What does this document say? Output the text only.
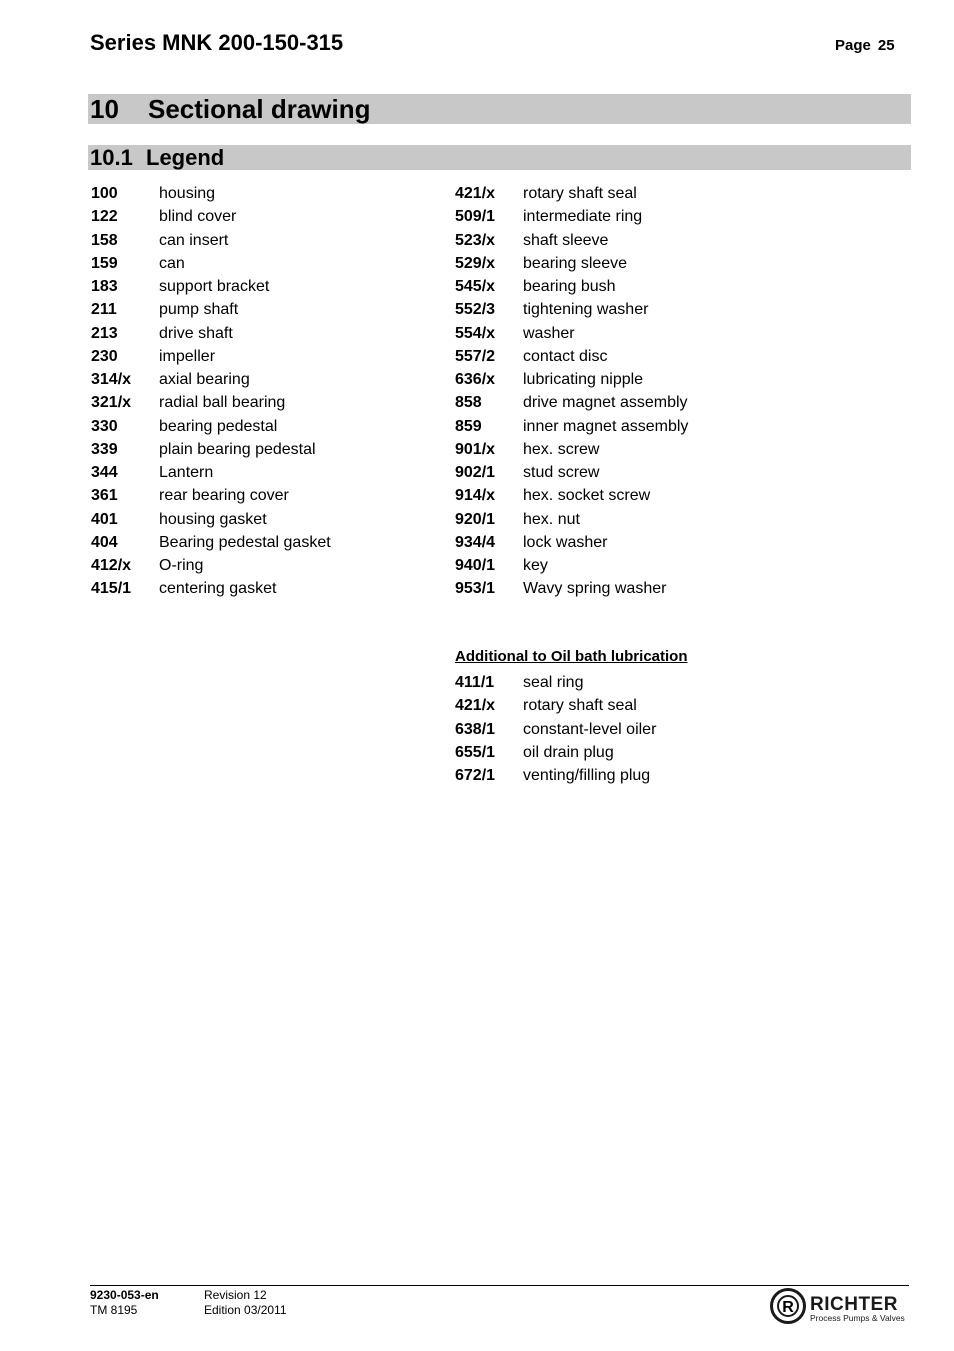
Series MNK 200-150-315	Page 25
10 Sectional drawing
10.1 Legend
100	housing
122	blind cover
158	can insert
159	can
183	support bracket
211	pump shaft
213	drive shaft
230	impeller
314/x axial bearing
321/x radial ball bearing
330	bearing pedestal
339	plain bearing pedestal
344	Lantern
361	rear bearing cover
401	housing gasket
404	Bearing pedestal gasket
412/x O-ring
415/1 centering gasket
421/x rotary shaft seal
509/1 intermediate ring
523/x shaft sleeve
529/x bearing sleeve
545/x bearing bush
552/3 tightening washer
554/x washer
557/2 contact disc
636/x lubricating nipple
858	drive magnet assembly
859	inner magnet assembly
901/x hex. screw
902/1 stud screw
914/x hex. socket screw
920/1 hex. nut
934/4 lock washer
940/1 key
953/1 Wavy spring washer
Additional to Oil bath lubrication
411/1 seal ring
421/x rotary shaft seal
638/1 constant-level oiler
655/1 oil drain plug
672/1 venting/filling plug
9230-053-en
TM 8195
Revision 12
Edition 03/2011	R RICHTER
Process Pumps & Valves
